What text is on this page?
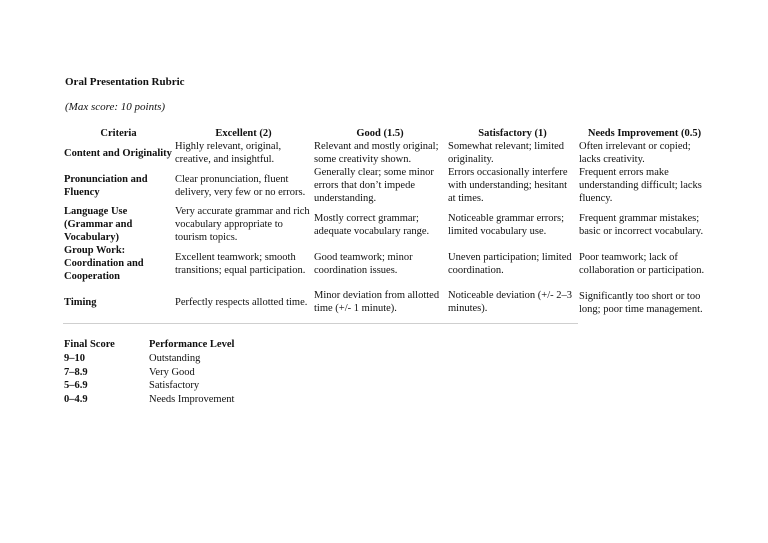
Oral Presentation Rubric
(Max score: 10 points)
Criteria	Excellent (2)	Good (1.5)	Satisfactory (1)	Needs Improvement (0.5)
Content and Originality	Highly relevant, original, creative, and insightful.	Relevant and mostly original; some creativity shown.	Somewhat relevant; limited originality.	Often irrelevant or copied; lacks creativity.
Pronunciation and Fluency	Clear pronunciation, fluent delivery, very few or no errors.	Generally clear; some minor errors that don’t impede understanding.	Errors occasionally interfere with understanding; hesitant at times.	Frequent errors make understanding difficult; lacks fluency.
Language Use (Grammar and Vocabulary)	Very accurate grammar and rich vocabulary appropriate to tourism topics.	Mostly correct grammar; adequate vocabulary range.	Noticeable grammar errors; limited vocabulary use.	Frequent grammar mistakes; basic or incorrect vocabulary.
Group Work: Coordination and Cooperation	Excellent teamwork; smooth transitions; equal participation.	Good teamwork; minor coordination issues.	Uneven participation; limited coordination.	Poor teamwork; lack of collaboration or participation.
Timing	Perfectly respects allotted time.	Minor deviation from allotted time (+/- 1 minute).	Noticeable deviation (+/- 2–3 minutes).	Significantly too short or too long; poor time management.
Final Score	Performance Level
9–10	Outstanding
7–8.9	Very Good
5–6.9	Satisfactory
0–4.9	Needs Improvement
